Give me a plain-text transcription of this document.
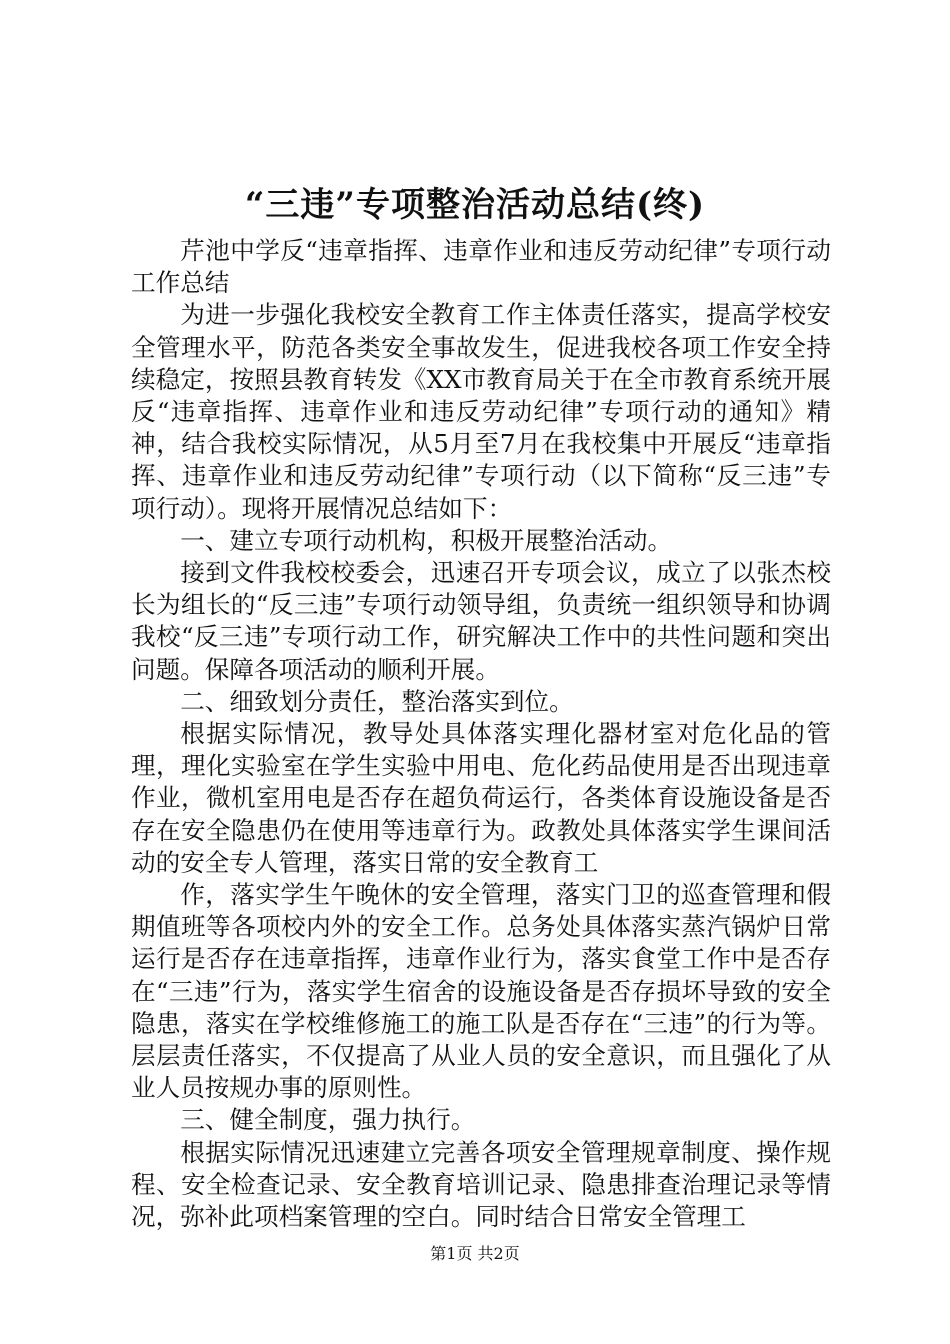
“三违”专项整治活动总结(终)

芹池中学反“违章指挥、违章作业和违反劳动纪律”专项行动工作总结

为进一步强化我校安全教育工作主体责任落实，提高学校安全管理水平，防范各类安全事故发生，促进我校各项工作安全持续稳定，按照县教育转发《XX市教育局关于在全市教育系统开展反“违章指挥、违章作业和违反劳动纪律”专项行动的通知》精神，结合我校实际情况，从5月至7月在我校集中开展反“违章指挥、违章作业和违反劳动纪律”专项行动（以下简称“反三违”专项行动）。现将开展情况总结如下：

一、建立专项行动机构，积极开展整治活动。

接到文件我校校委会，迅速召开专项会议，成立了以张杰校长为组长的“反三违”专项行动领导组，负责统一组织领导和协调我校“反三违”专项行动工作，研究解决工作中的共性问题和突出问题。保障各项活动的顺利开展。

二、细致划分责任，整治落实到位。

根据实际情况，教导处具体落实理化器材室对危化品的管理，理化实验室在学生实验中用电、危化药品使用是否出现违章作业，微机室用电是否存在超负荷运行，各类体育设施设备是否存在安全隐患仍在使用等违章行为。政教处具体落实学生课间活动的安全专人管理，落实日常的安全教育工

作，落实学生午晚休的安全管理，落实门卫的巡查管理和假期值班等各项校内外的安全工作。总务处具体落实蒸汽锅炉日常运行是否存在违章指挥，违章作业行为，落实食堂工作中是否存在“三违”行为，落实学生宿舍的设施设备是否存损坏导致的安全隐患，落实在学校维修施工的施工队是否存在“三违”的行为等。层层责任落实，不仅提高了从业人员的安全意识，而且强化了从业人员按规办事的原则性。

三、健全制度，强力执行。

根据实际情况迅速建立完善各项安全管理规章制度、操作规程、安全检查记录、安全教育培训记录、隐患排查治理记录等情况，弥补此项档案管理的空白。同时结合日常安全管理工

第1页 共2页
